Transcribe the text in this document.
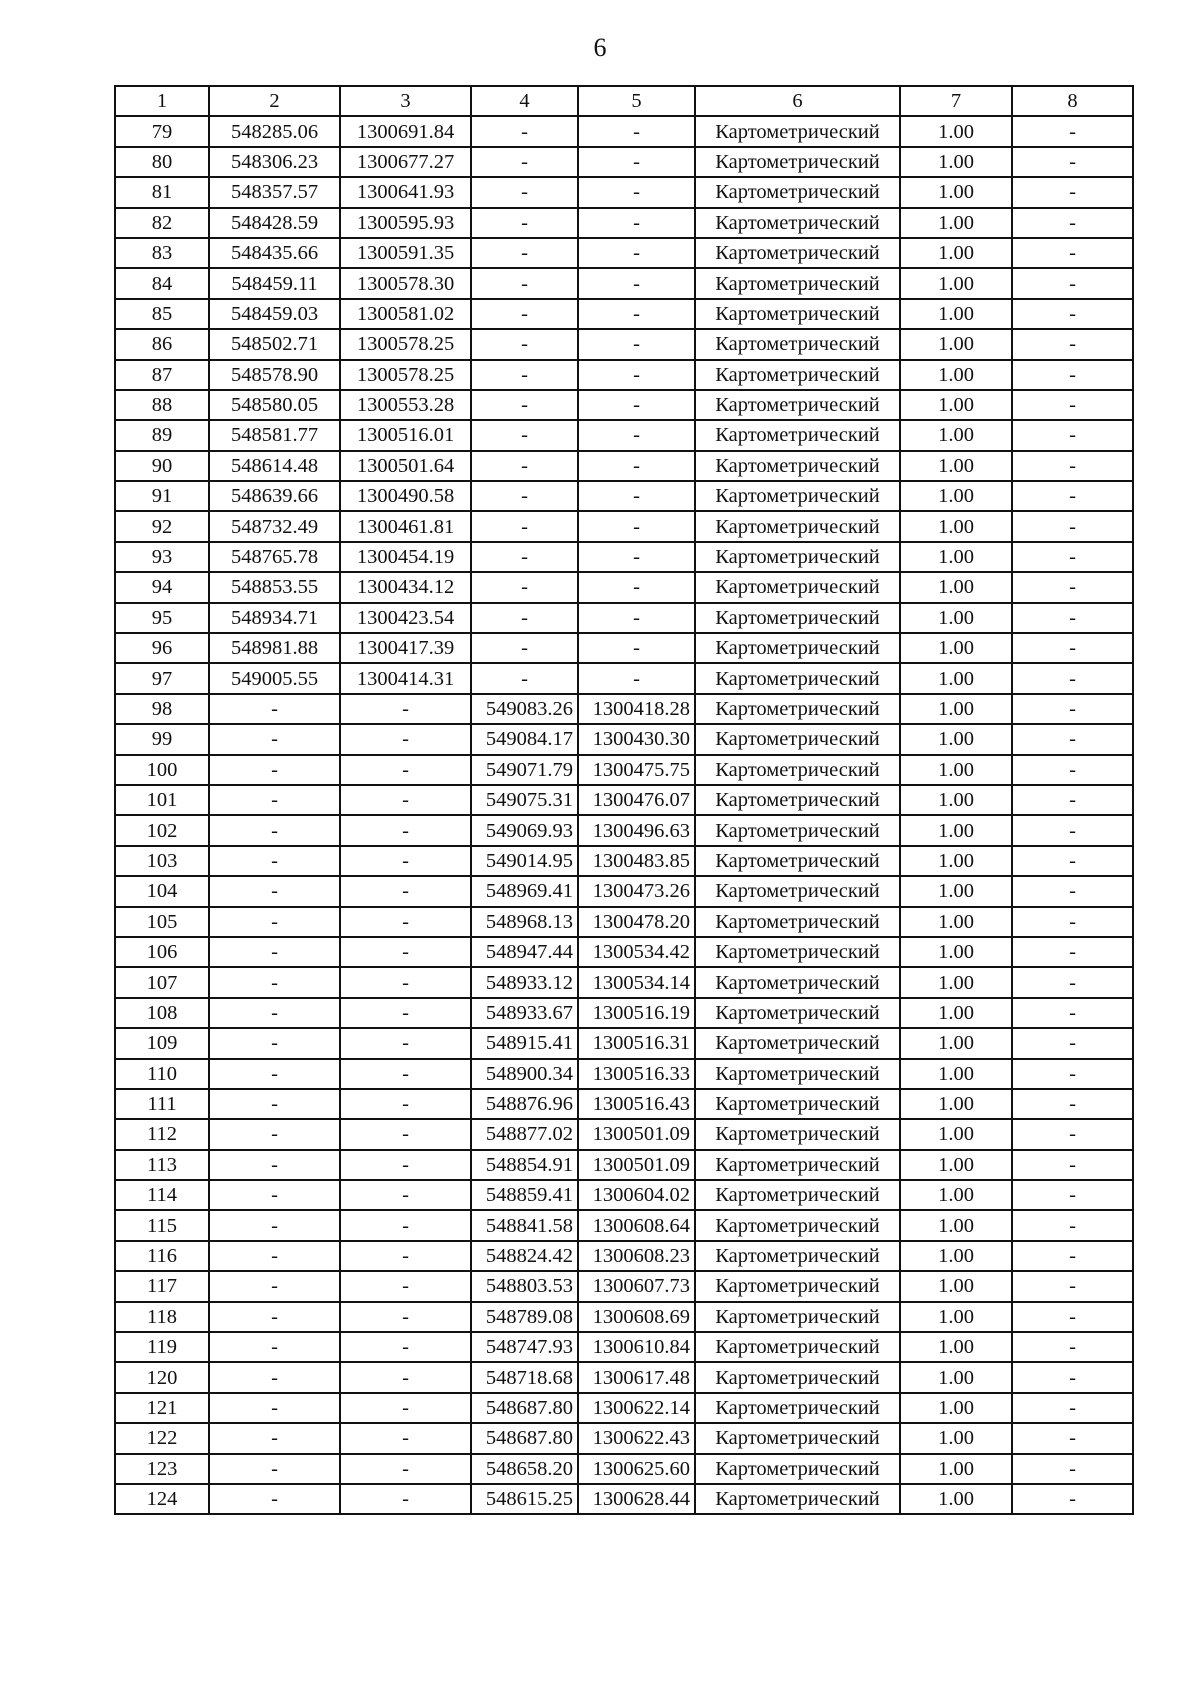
6
1	2	3	4	5	6	7	8
79	548285.06	1300691.84	-	-	Картометрический	1.00	-
80	548306.23	1300677.27	-	-	Картометрический	1.00	-
81	548357.57	1300641.93	-	-	Картометрический	1.00	-
82	548428.59	1300595.93	-	-	Картометрический	1.00	-
83	548435.66	1300591.35	-	-	Картометрический	1.00	-
84	548459.11	1300578.30	-	-	Картометрический	1.00	-
85	548459.03	1300581.02	-	-	Картометрический	1.00	-
86	548502.71	1300578.25	-	-	Картометрический	1.00	-
87	548578.90	1300578.25	-	-	Картометрический	1.00	-
88	548580.05	1300553.28	-	-	Картометрический	1.00	-
89	548581.77	1300516.01	-	-	Картометрический	1.00	-
90	548614.48	1300501.64	-	-	Картометрический	1.00	-
91	548639.66	1300490.58	-	-	Картометрический	1.00	-
92	548732.49	1300461.81	-	-	Картометрический	1.00	-
93	548765.78	1300454.19	-	-	Картометрический	1.00	-
94	548853.55	1300434.12	-	-	Картометрический	1.00	-
95	548934.71	1300423.54	-	-	Картометрический	1.00	-
96	548981.88	1300417.39	-	-	Картометрический	1.00	-
97	549005.55	1300414.31	-	-	Картометрический	1.00	-
98	-	-	549083.26	1300418.28	Картометрический	1.00	-
99	-	-	549084.17	1300430.30	Картометрический	1.00	-
100	-	-	549071.79	1300475.75	Картометрический	1.00	-
101	-	-	549075.31	1300476.07	Картометрический	1.00	-
102	-	-	549069.93	1300496.63	Картометрический	1.00	-
103	-	-	549014.95	1300483.85	Картометрический	1.00	-
104	-	-	548969.41	1300473.26	Картометрический	1.00	-
105	-	-	548968.13	1300478.20	Картометрический	1.00	-
106	-	-	548947.44	1300534.42	Картометрический	1.00	-
107	-	-	548933.12	1300534.14	Картометрический	1.00	-
108	-	-	548933.67	1300516.19	Картометрический	1.00	-
109	-	-	548915.41	1300516.31	Картометрический	1.00	-
110	-	-	548900.34	1300516.33	Картометрический	1.00	-
111	-	-	548876.96	1300516.43	Картометрический	1.00	-
112	-	-	548877.02	1300501.09	Картометрический	1.00	-
113	-	-	548854.91	1300501.09	Картометрический	1.00	-
114	-	-	548859.41	1300604.02	Картометрический	1.00	-
115	-	-	548841.58	1300608.64	Картометрический	1.00	-
116	-	-	548824.42	1300608.23	Картометрический	1.00	-
117	-	-	548803.53	1300607.73	Картометрический	1.00	-
118	-	-	548789.08	1300608.69	Картометрический	1.00	-
119	-	-	548747.93	1300610.84	Картометрический	1.00	-
120	-	-	548718.68	1300617.48	Картометрический	1.00	-
121	-	-	548687.80	1300622.14	Картометрический	1.00	-
122	-	-	548687.80	1300622.43	Картометрический	1.00	-
123	-	-	548658.20	1300625.60	Картометрический	1.00	-
124	-	-	548615.25	1300628.44	Картометрический	1.00	-
